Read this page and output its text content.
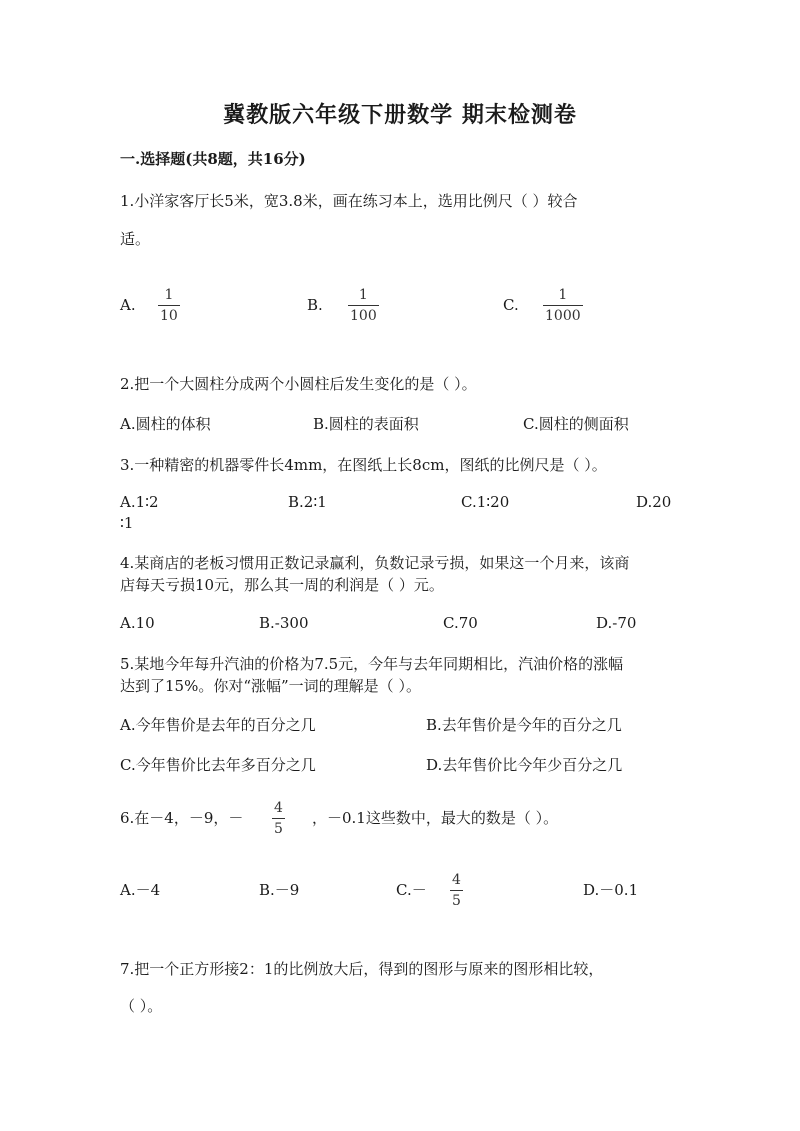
冀教版六年级下册数学 期末检测卷
一.选择题(共8题，共16分)
1.小洋家客厅长5米，宽3.8米，画在练习本上，选用比例尺（ ）较合
适。
A.
1
10
B.
1
100
C.
1
1000
2.把一个大圆柱分成两个小圆柱后发生变化的是（ ）。
A.圆柱的体积	B.圆柱的表面积	C.圆柱的侧面积
3.一种精密的机器零件长4mm，在图纸上长8cm，图纸的比例尺是（ ）。
A.1∶2	B.2∶1	C.1∶20	D.20
∶1
4.某商店的老板习惯用正数记录赢利，负数记录亏损，如果这一个月来，该商
店每天亏损10元，那么其一周的利润是（ ）元。
A.10	B.-300	C.70	D.-70
5.某地今年每升汽油的价格为7.5元，今年与去年同期相比，汽油价格的涨幅
达到了15%。你对“涨幅”一词的理解是（ ）。
A.今年售价是去年的百分之几	B.去年售价是今年的百分之几
C.今年售价比去年多百分之几	D.去年售价比今年少百分之几
6.在－4，－9，－
4
5
，－0.1这些数中，最大的数是（ ）。
A.－4	B.－9	C.－
4
5
D.－0.1
7.把一个正方形接2：1的比例放大后，得到的图形与原来的图形相比较，
（ ）。
